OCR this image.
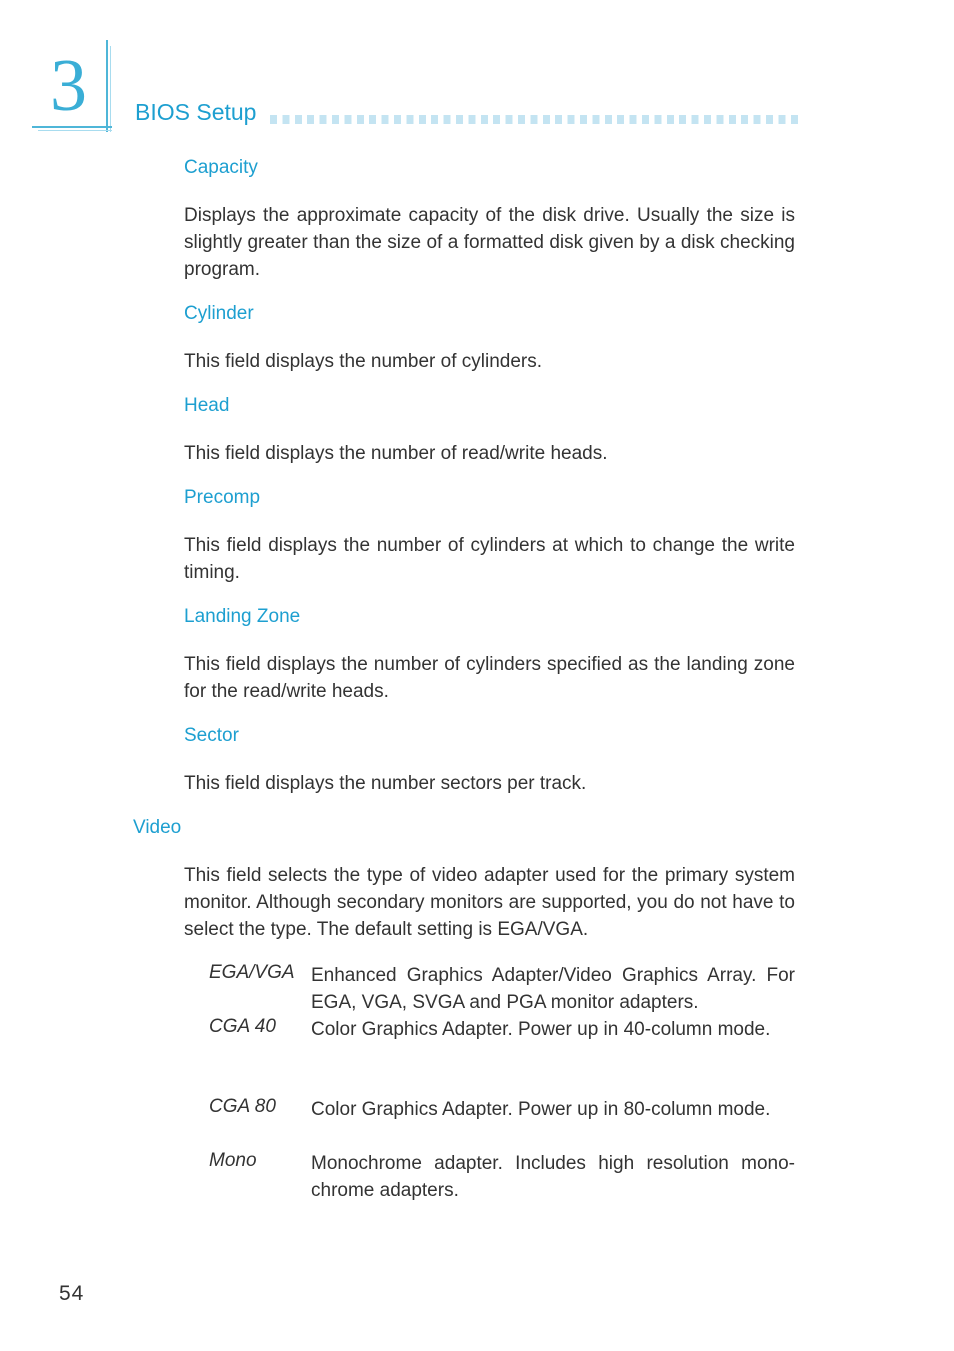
3 BIOS Setup
Capacity
Displays the approximate capacity of the disk drive. Usually the size is slightly greater than the size of a formatted disk given by a disk checking program.
Cylinder
This field displays the number of cylinders.
Head
This field displays the number of read/write heads.
Precomp
This field displays the number of cylinders at which to change the write timing.
Landing Zone
This field displays the number of cylinders specified as the landing zone for the read/write heads.
Sector
This field displays the number sectors per track.
Video
This field selects the type of video adapter used for the primary system monitor. Although secondary monitors are supported, you do not have to select the type. The default setting is EGA/VGA.
EGA/VGA Enhanced Graphics Adapter/Video Graphics Array. For EGA, VGA, SVGA and PGA monitor adapters.
CGA 40 Color Graphics Adapter. Power up in 40-column mode.
CGA 80 Color Graphics Adapter. Power up in 80-column mode.
Mono	Monochrome adapter. Includes high resolution mono-chrome adapters.
54
